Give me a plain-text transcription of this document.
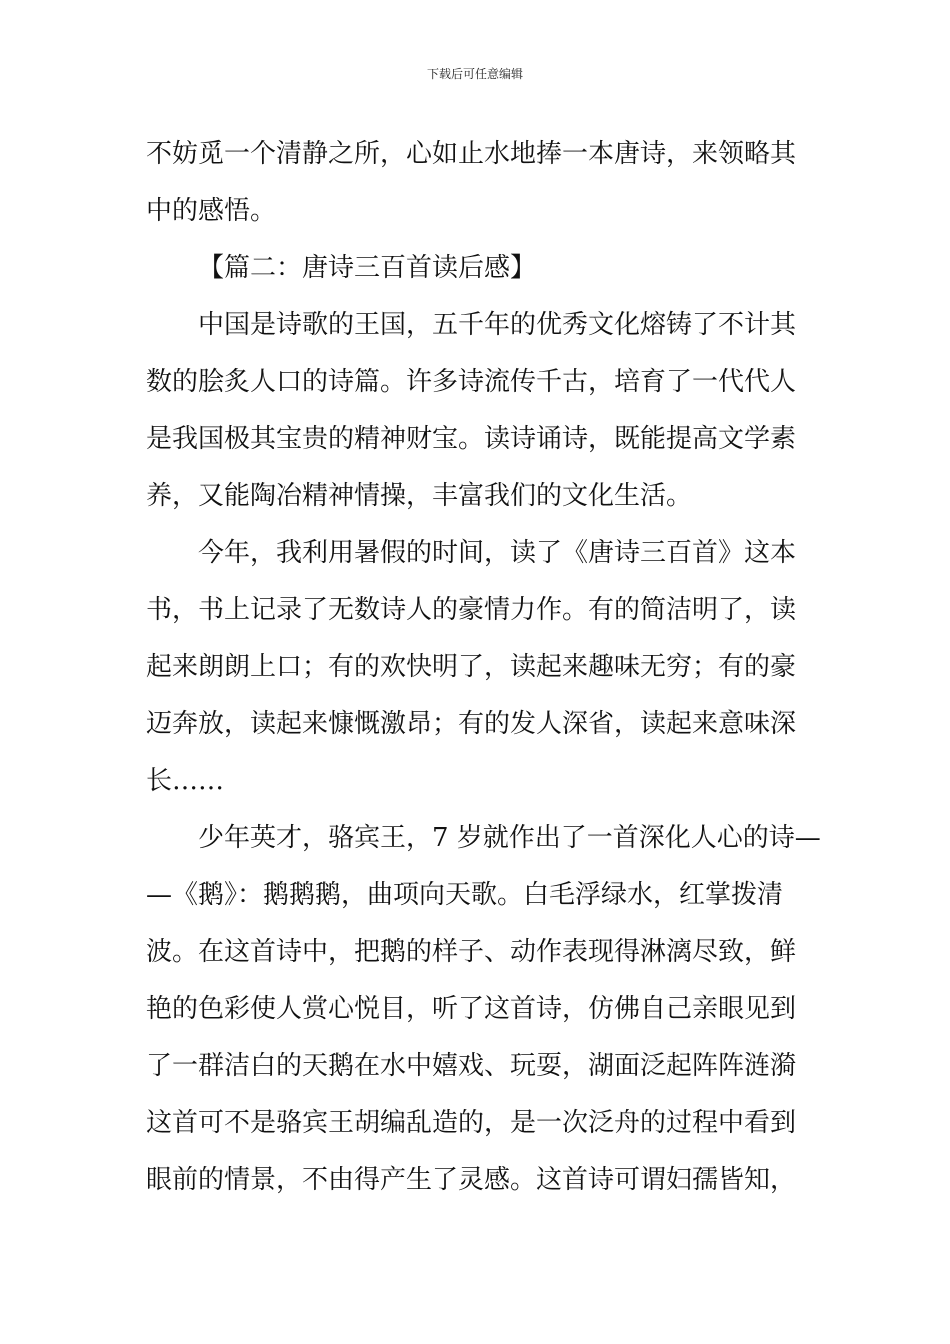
下载后可任意编辑
不妨觅一个清静之所，心如止水地捧一本唐诗，来领略其
中的感悟。
【篇二：唐诗三百首读后感】
中国是诗歌的王国，五千年的优秀文化熔铸了不计其
数的脍炙人口的诗篇。许多诗流传千古，培育了一代代人
是我国极其宝贵的精神财宝。读诗诵诗，既能提高文学素
养，又能陶冶精神情操，丰富我们的文化生活。
今年，我利用暑假的时间，读了《唐诗三百首》这本
书，书上记录了无数诗人的豪情力作。有的简洁明了，读
起来朗朗上口；有的欢快明了，读起来趣味无穷；有的豪
迈奔放，读起来慷慨激昂；有的发人深省，读起来意味深
长……
少年英才，骆宾王，7 岁就作出了一首深化人心的诗—
—《鹅》：鹅鹅鹅，曲项向天歌。白毛浮绿水，红掌拨清
波。在这首诗中，把鹅的样子、动作表现得淋漓尽致，鲜
艳的色彩使人赏心悦目，听了这首诗，仿佛自己亲眼见到
了一群洁白的天鹅在水中嬉戏、玩耍，湖面泛起阵阵涟漪
这首可不是骆宾王胡编乱造的，是一次泛舟的过程中看到
眼前的情景，不由得产生了灵感。这首诗可谓妇孺皆知，
